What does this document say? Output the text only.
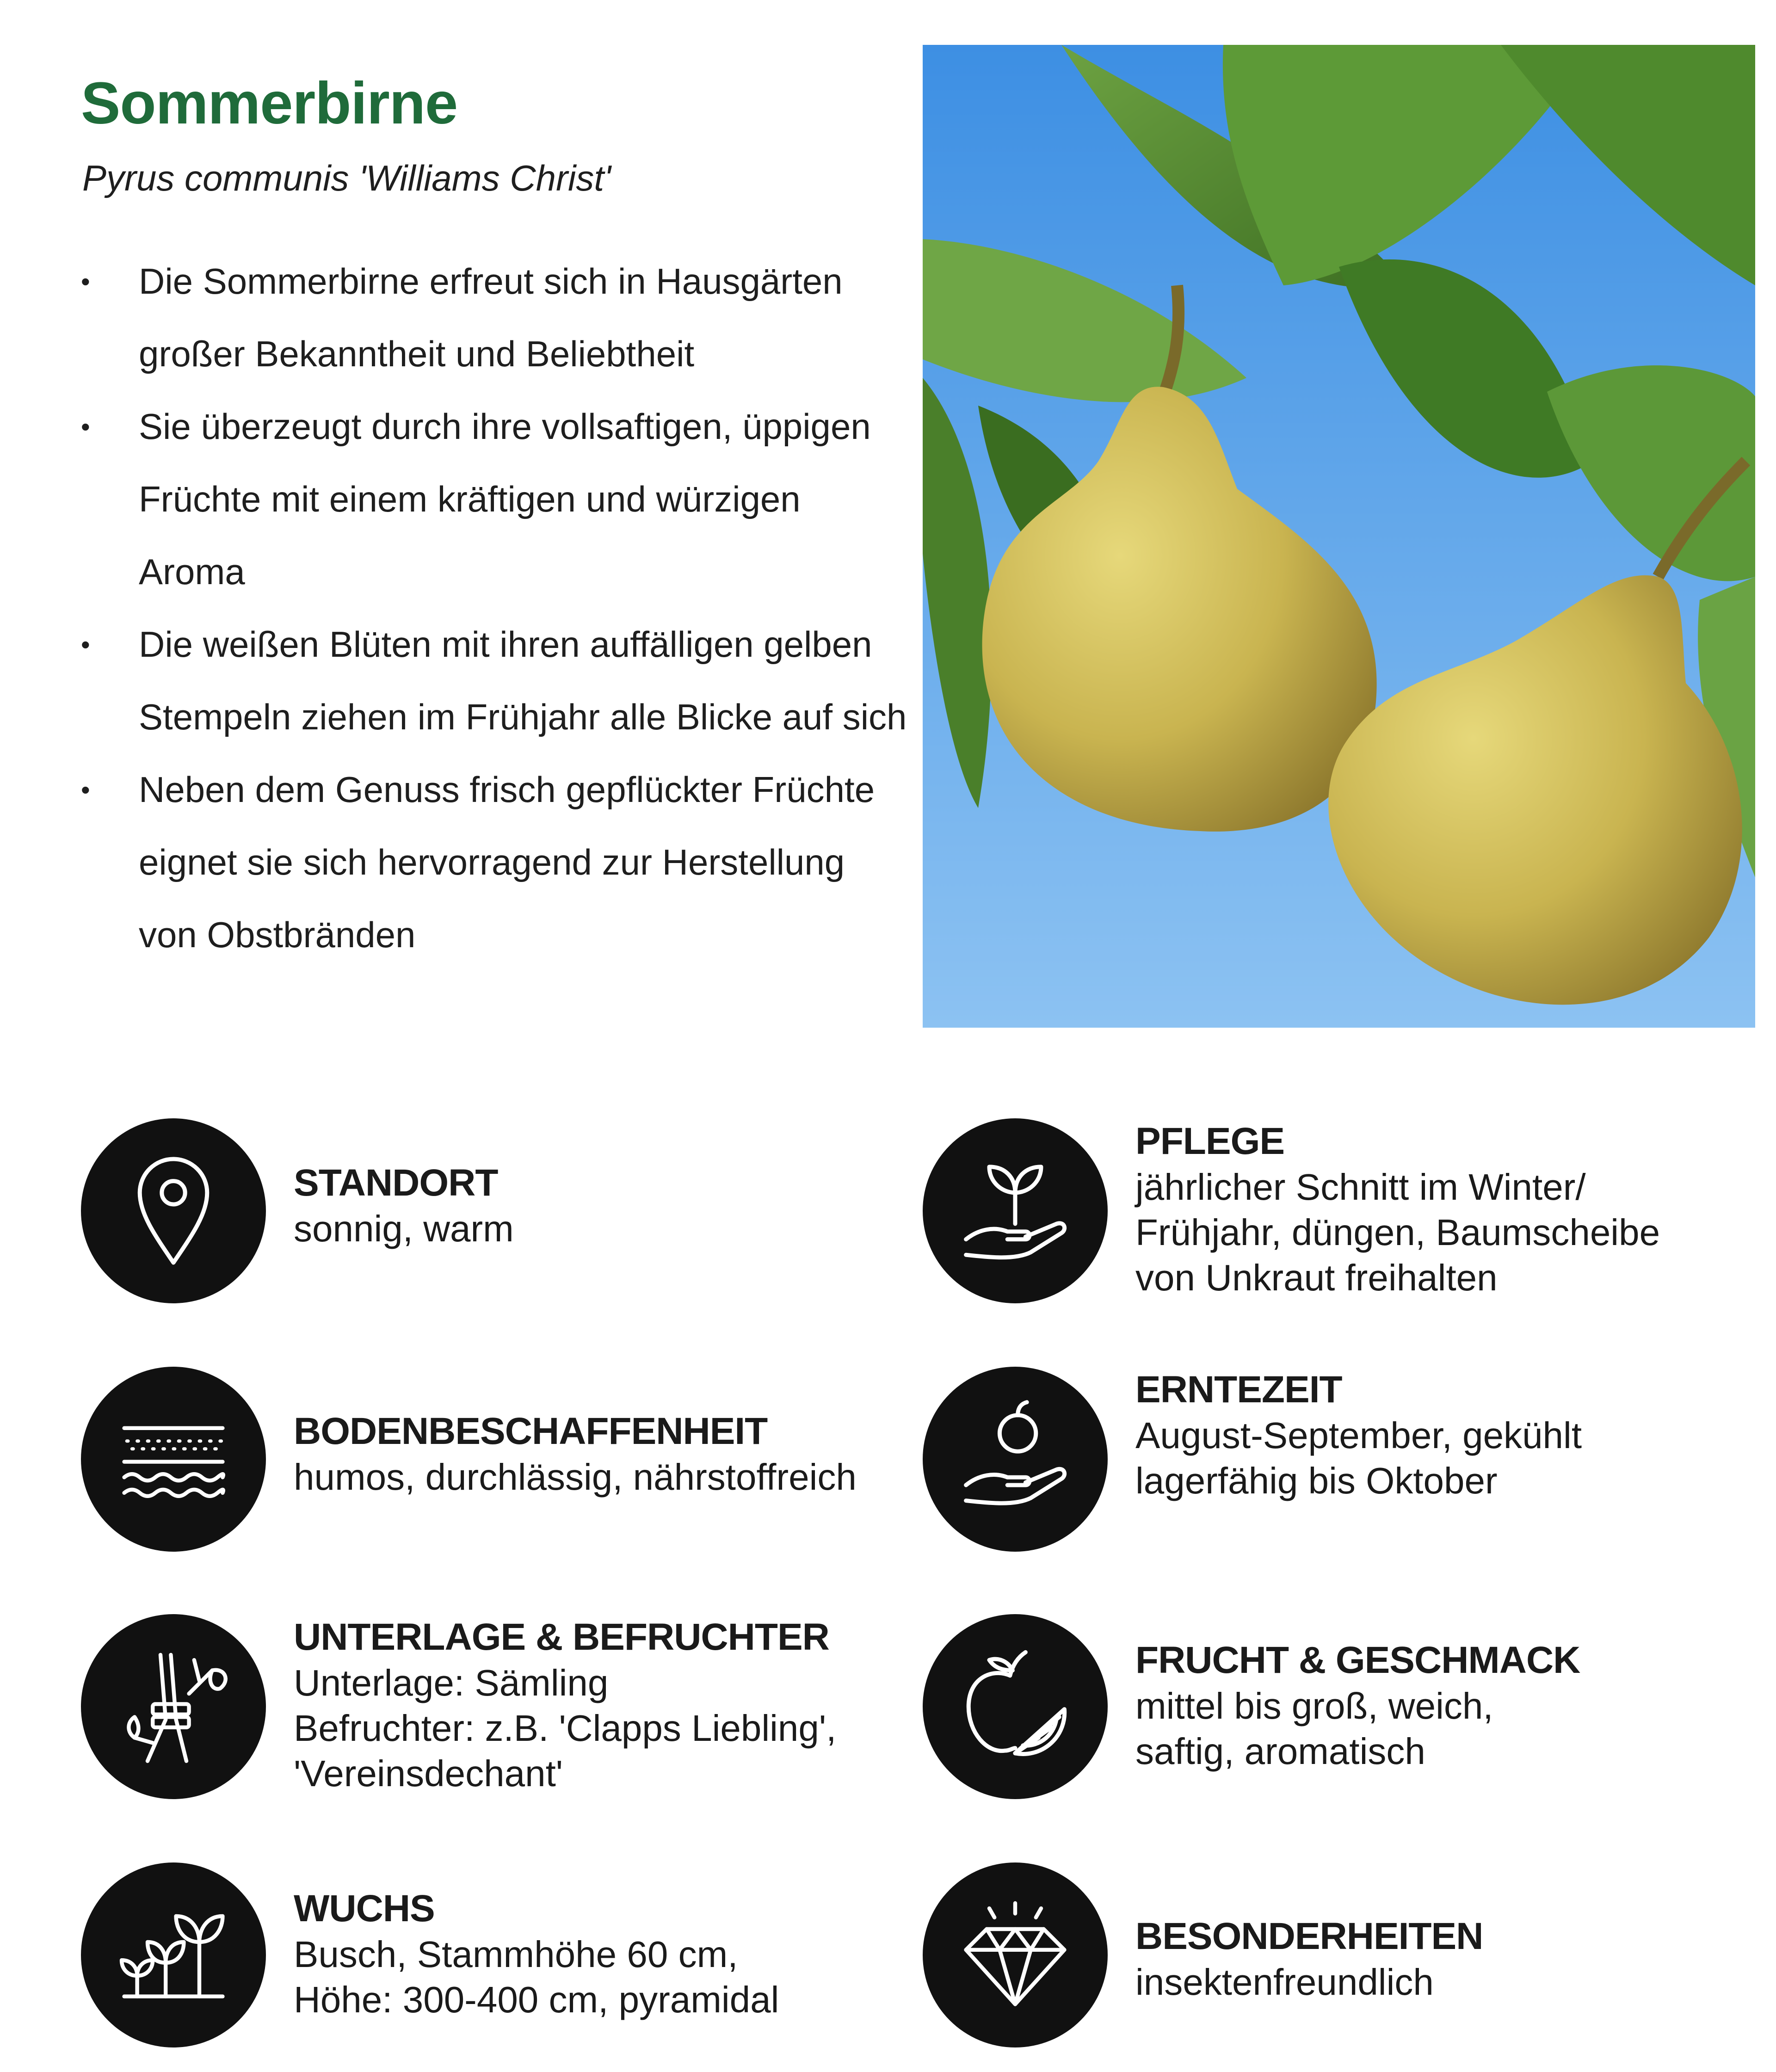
Sommerbirne

Pyrus communis 'Williams Christ'

• Die Sommerbirne erfreut sich in Hausgärten großer Bekanntheit und Beliebtheit
• Sie überzeugt durch ihre vollsaftigen, üppigen Früchte mit einem kräftigen und würzigen Aroma
• Die weißen Blüten mit ihren auffälligen gelben Stempeln ziehen im Frühjahr alle Blicke auf sich
• Neben dem Genuss frisch gepflückter Früchte eignet sie sich hervorragend zur Herstellung von Obstbränden
STANDORT
sonnig, warm
PFLEGE
jährlicher Schnitt im Winter/
Frühjahr, düngen, Baumscheibe
von Unkraut freihalten
BODENBESCHAFFENHEIT
humos, durchlässig, nährstoffreich
ERNTEZEIT
August-September, gekühlt
lagerfähig bis Oktober
UNTERLAGE & BEFRUCHTER
Unterlage: Sämling
Befruchter: z.B. 'Clapps Liebling',
'Vereinsdechant'
FRUCHT & GESCHMACK
mittel bis groß, weich,
saftig, aromatisch
WUCHS
Busch, Stammhöhe 60 cm,
Höhe: 300-400 cm, pyramidal
BESONDERHEITEN
insektenfreundlich
